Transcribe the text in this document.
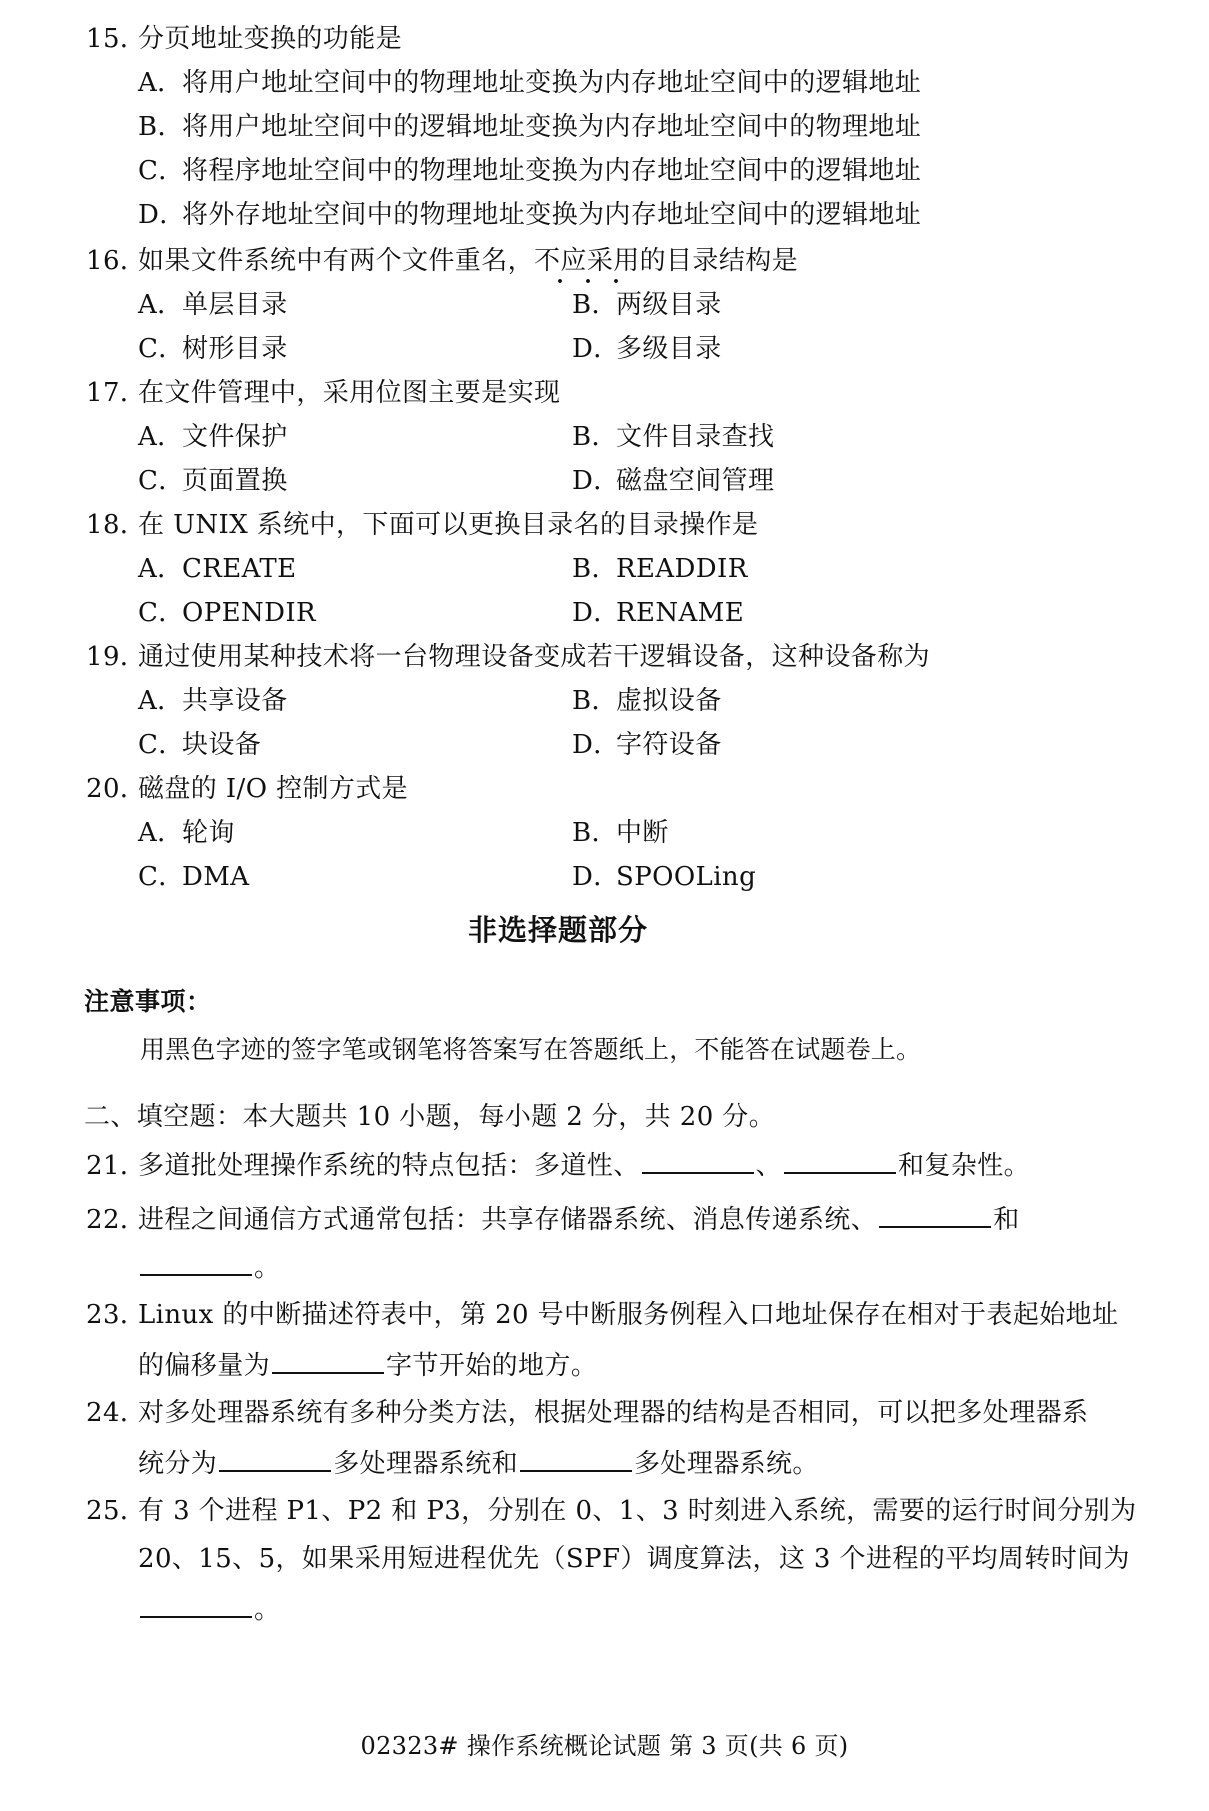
15．分页地址变换的功能是
A．将用户地址空间中的物理地址变换为内存地址空间中的逻辑地址
B．将用户地址空间中的逻辑地址变换为内存地址空间中的物理地址
C．将程序地址空间中的物理地址变换为内存地址空间中的逻辑地址
D．将外存地址空间中的物理地址变换为内存地址空间中的逻辑地址
16．如果文件系统中有两个文件重名，不应采用的目录结构是
A．单层目录	B．两级目录
C．树形目录	D．多级目录
17．在文件管理中，采用位图主要是实现
A．文件保护	B．文件目录查找
C．页面置换	D．磁盘空间管理
18．在 UNIX 系统中，下面可以更换目录名的目录操作是
A．CREATE	B．READDIR
C．OPENDIR	D．RENAME
19．通过使用某种技术将一台物理设备变成若干逻辑设备，这种设备称为
A．共享设备	B．虚拟设备
C．块设备	D．字符设备
20．磁盘的 I/O 控制方式是
A．轮询	B．中断
C．DMA	D．SPOOLing
非选择题部分
注意事项：
用黑色字迹的签字笔或钢笔将答案写在答题纸上，不能答在试题卷上。
二、填空题：本大题共 10 小题，每小题 2 分，共 20 分。
21．多道批处理操作系统的特点包括：多道性、	、	和复杂性。
22．进程之间通信方式通常包括：共享存储器系统、消息传递系统、	和
。
23．Linux 的中断描述符表中，第 20 号中断服务例程入口地址保存在相对于表起始地址
的偏移量为	字节开始的地方。
24．对多处理器系统有多种分类方法，根据处理器的结构是否相同，可以把多处理器系
统分为	多处理器系统和	多处理器系统。
25．有 3 个进程 P1、P2 和 P3，分别在 0、1、3 时刻进入系统，需要的运行时间分别为
20、15、5，如果采用短进程优先（SPF）调度算法，这 3 个进程的平均周转时间为
。
02323# 操作系统概论试题 第 3 页(共 6 页)
